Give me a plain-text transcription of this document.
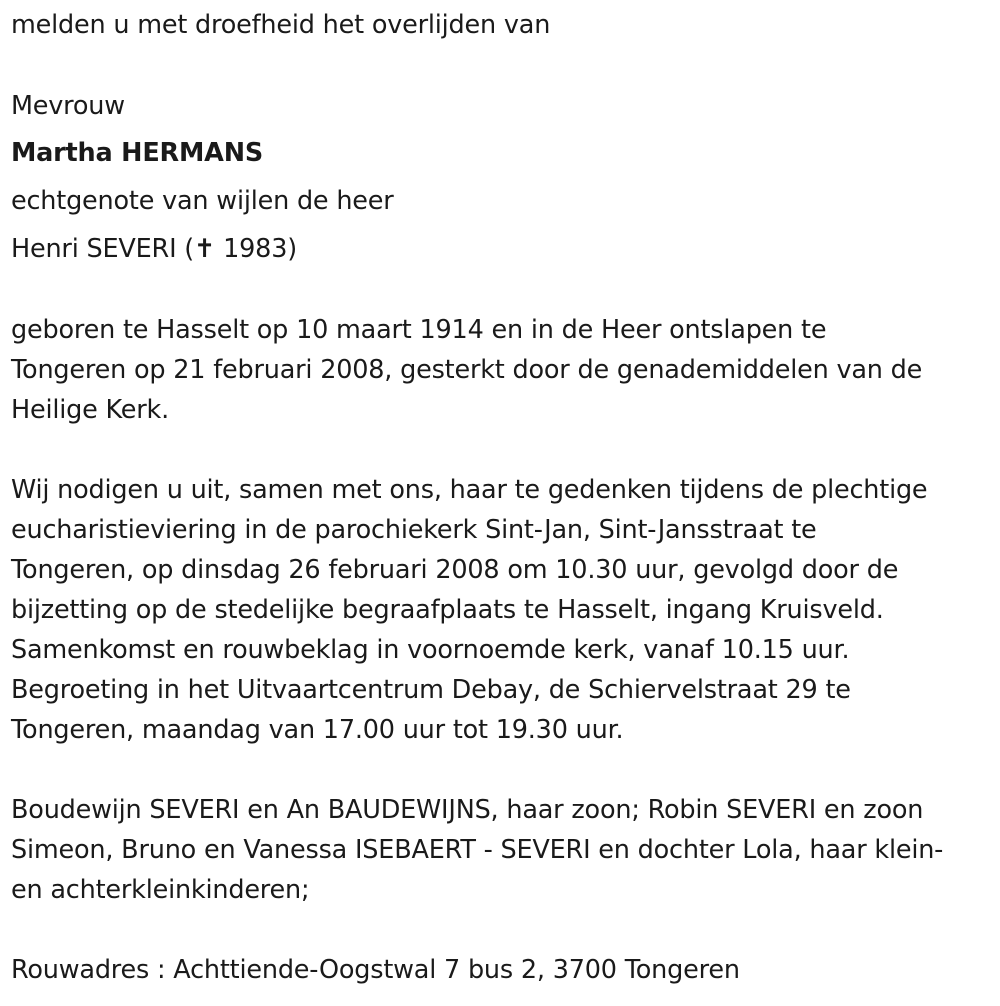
melden u met droefheid het overlijden van
Mevrouw
Martha HERMANS
echtgenote van wijlen de heer
Henri SEVERI (✝ 1983)
geboren te Hasselt op 10 maart 1914 en in de Heer ontslapen te
Tongeren op 21 februari 2008, gesterkt door de genademiddelen van de
Heilige Kerk.
Wij nodigen u uit, samen met ons, haar te gedenken tijdens de plechtige
eucharistieviering in de parochiekerk Sint-Jan, Sint-Jansstraat te
Tongeren, op dinsdag 26 februari 2008 om 10.30 uur, gevolgd door de
bijzetting op de stedelijke begraafplaats te Hasselt, ingang Kruisveld.
Samenkomst en rouwbeklag in voornoemde kerk, vanaf 10.15 uur.
Begroeting in het Uitvaartcentrum Debay, de Schiervelstraat 29 te
Tongeren, maandag van 17.00 uur tot 19.30 uur.
Boudewijn SEVERI en An BAUDEWIJNS, haar zoon; Robin SEVERI en zoon
Simeon, Bruno en Vanessa ISEBAERT - SEVERI en dochter Lola, haar klein-
en achterkleinkinderen;
Rouwadres : Achttiende-Oogstwal 7 bus 2, 3700 Tongeren
